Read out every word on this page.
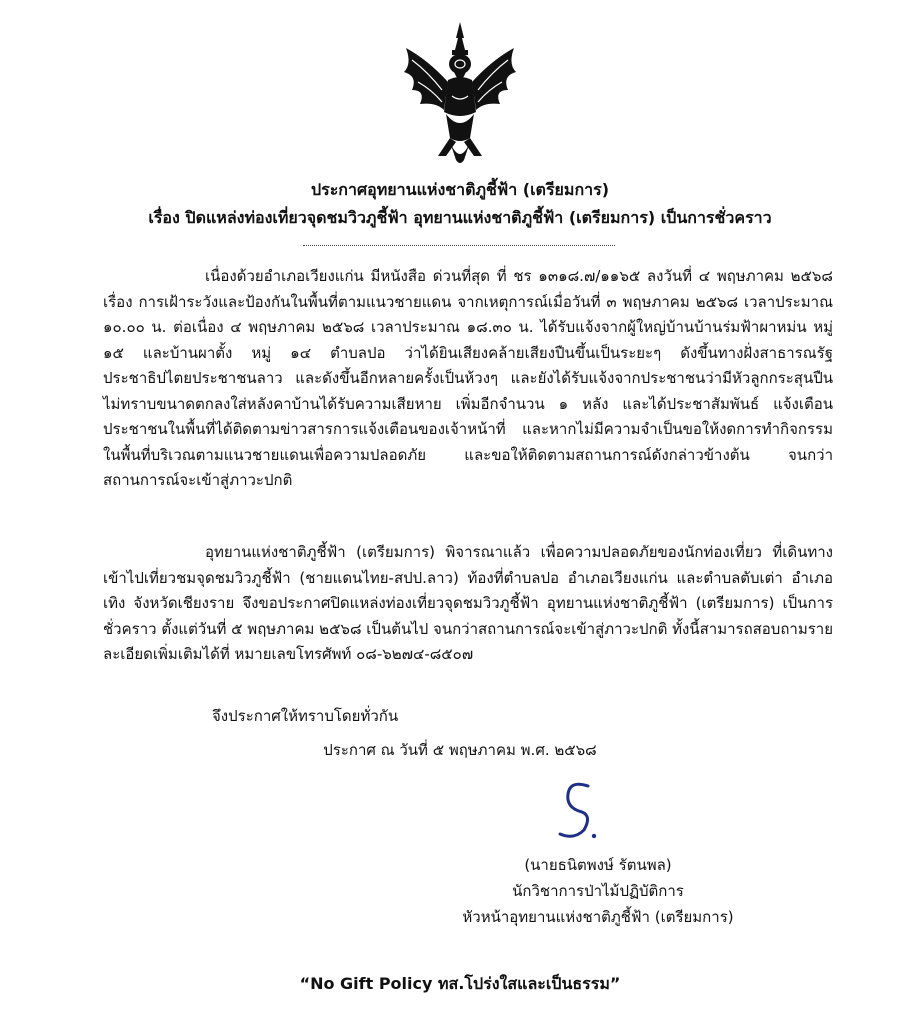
ประกาศอุทยานแห่งชาติภูชี้ฟ้า (เตรียมการ)
เรื่อง ปิดแหล่งท่องเที่ยวจุดชมวิวภูชี้ฟ้า อุทยานแห่งชาติภูชี้ฟ้า (เตรียมการ) เป็นการชั่วคราว
เนื่องด้วยอำเภอเวียงแก่น มีหนังสือ ด่วนที่สุด ที่ ชร ๑๓๑๘.๗/๑๑๖๕ ลงวันที่ ๔ พฤษภาคม ๒๕๖๘ เรื่อง การเฝ้าระวังและป้องกันในพื้นที่ตามแนวชายแดน จากเหตุการณ์เมื่อวันที่ ๓ พฤษภาคม ๒๕๖๘ เวลาประมาณ ๑๐.๐๐ น. ต่อเนื่อง ๔ พฤษภาคม ๒๕๖๘ เวลาประมาณ ๑๘.๓๐ น. ได้รับแจ้งจากผู้ใหญ่บ้านบ้านร่มฟ้าผาหม่น หมู่ ๑๕ และบ้านผาตั้ง หมู่ ๑๔ ตำบลปอ ว่าได้ยินเสียงคล้ายเสียงปืนขึ้นเป็นระยะๆ ดังขึ้นทางฝั่งสาธารณรัฐประชาธิปไตยประชาชนลาว และดังขึ้นอีกหลายครั้งเป็นห้วงๆ และยังได้รับแจ้งจากประชาชนว่ามีหัวลูกกระสุนปืนไม่ทราบขนาดตกลงใส่หลังคาบ้านได้รับความเสียหาย เพิ่มอีกจำนวน ๑ หลัง และได้ประชาสัมพันธ์ แจ้งเตือนประชาชนในพื้นที่ได้ติดตามข่าวสารการแจ้งเตือนของเจ้าหน้าที่ และหากไม่มีความจำเป็นขอให้งดการทำกิจกรรมในพื้นที่บริเวณตามแนวชายแดนเพื่อความปลอดภัย และขอให้ติดตามสถานการณ์ดังกล่าวข้างต้น จนกว่าสถานการณ์จะเข้าสู่ภาวะปกติ
อุทยานแห่งชาติภูชี้ฟ้า (เตรียมการ) พิจารณาแล้ว เพื่อความปลอดภัยของนักท่องเที่ยว ที่เดินทางเข้าไปเที่ยวชมจุดชมวิวภูชี้ฟ้า (ชายแดนไทย-สปป.ลาว) ท้องที่ตำบลปอ อำเภอเวียงแก่น และตำบลตับเต่า อำเภอเทิง จังหวัดเชียงราย จึงขอประกาศปิดแหล่งท่องเที่ยวจุดชมวิวภูชี้ฟ้า อุทยานแห่งชาติภูชี้ฟ้า (เตรียมการ) เป็นการชั่วคราว ตั้งแต่วันที่ ๕ พฤษภาคม ๒๕๖๘ เป็นต้นไป จนกว่าสถานการณ์จะเข้าสู่ภาวะปกติ ทั้งนี้สามารถสอบถามรายละเอียดเพิ่มเติมได้ที่ หมายเลขโทรศัพท์ ๐๘-๖๒๗๔-๘๕๐๗
จึงประกาศให้ทราบโดยทั่วกัน
ประกาศ ณ วันที่ ๕ พฤษภาคม พ.ศ. ๒๕๖๘
(นายธนิตพงษ์ รัตนพล)
นักวิชาการป่าไม้ปฏิบัติการ
หัวหน้าอุทยานแห่งชาติภูชี้ฟ้า (เตรียมการ)
“No Gift Policy ทส.โปร่งใสและเป็นธรรม”
